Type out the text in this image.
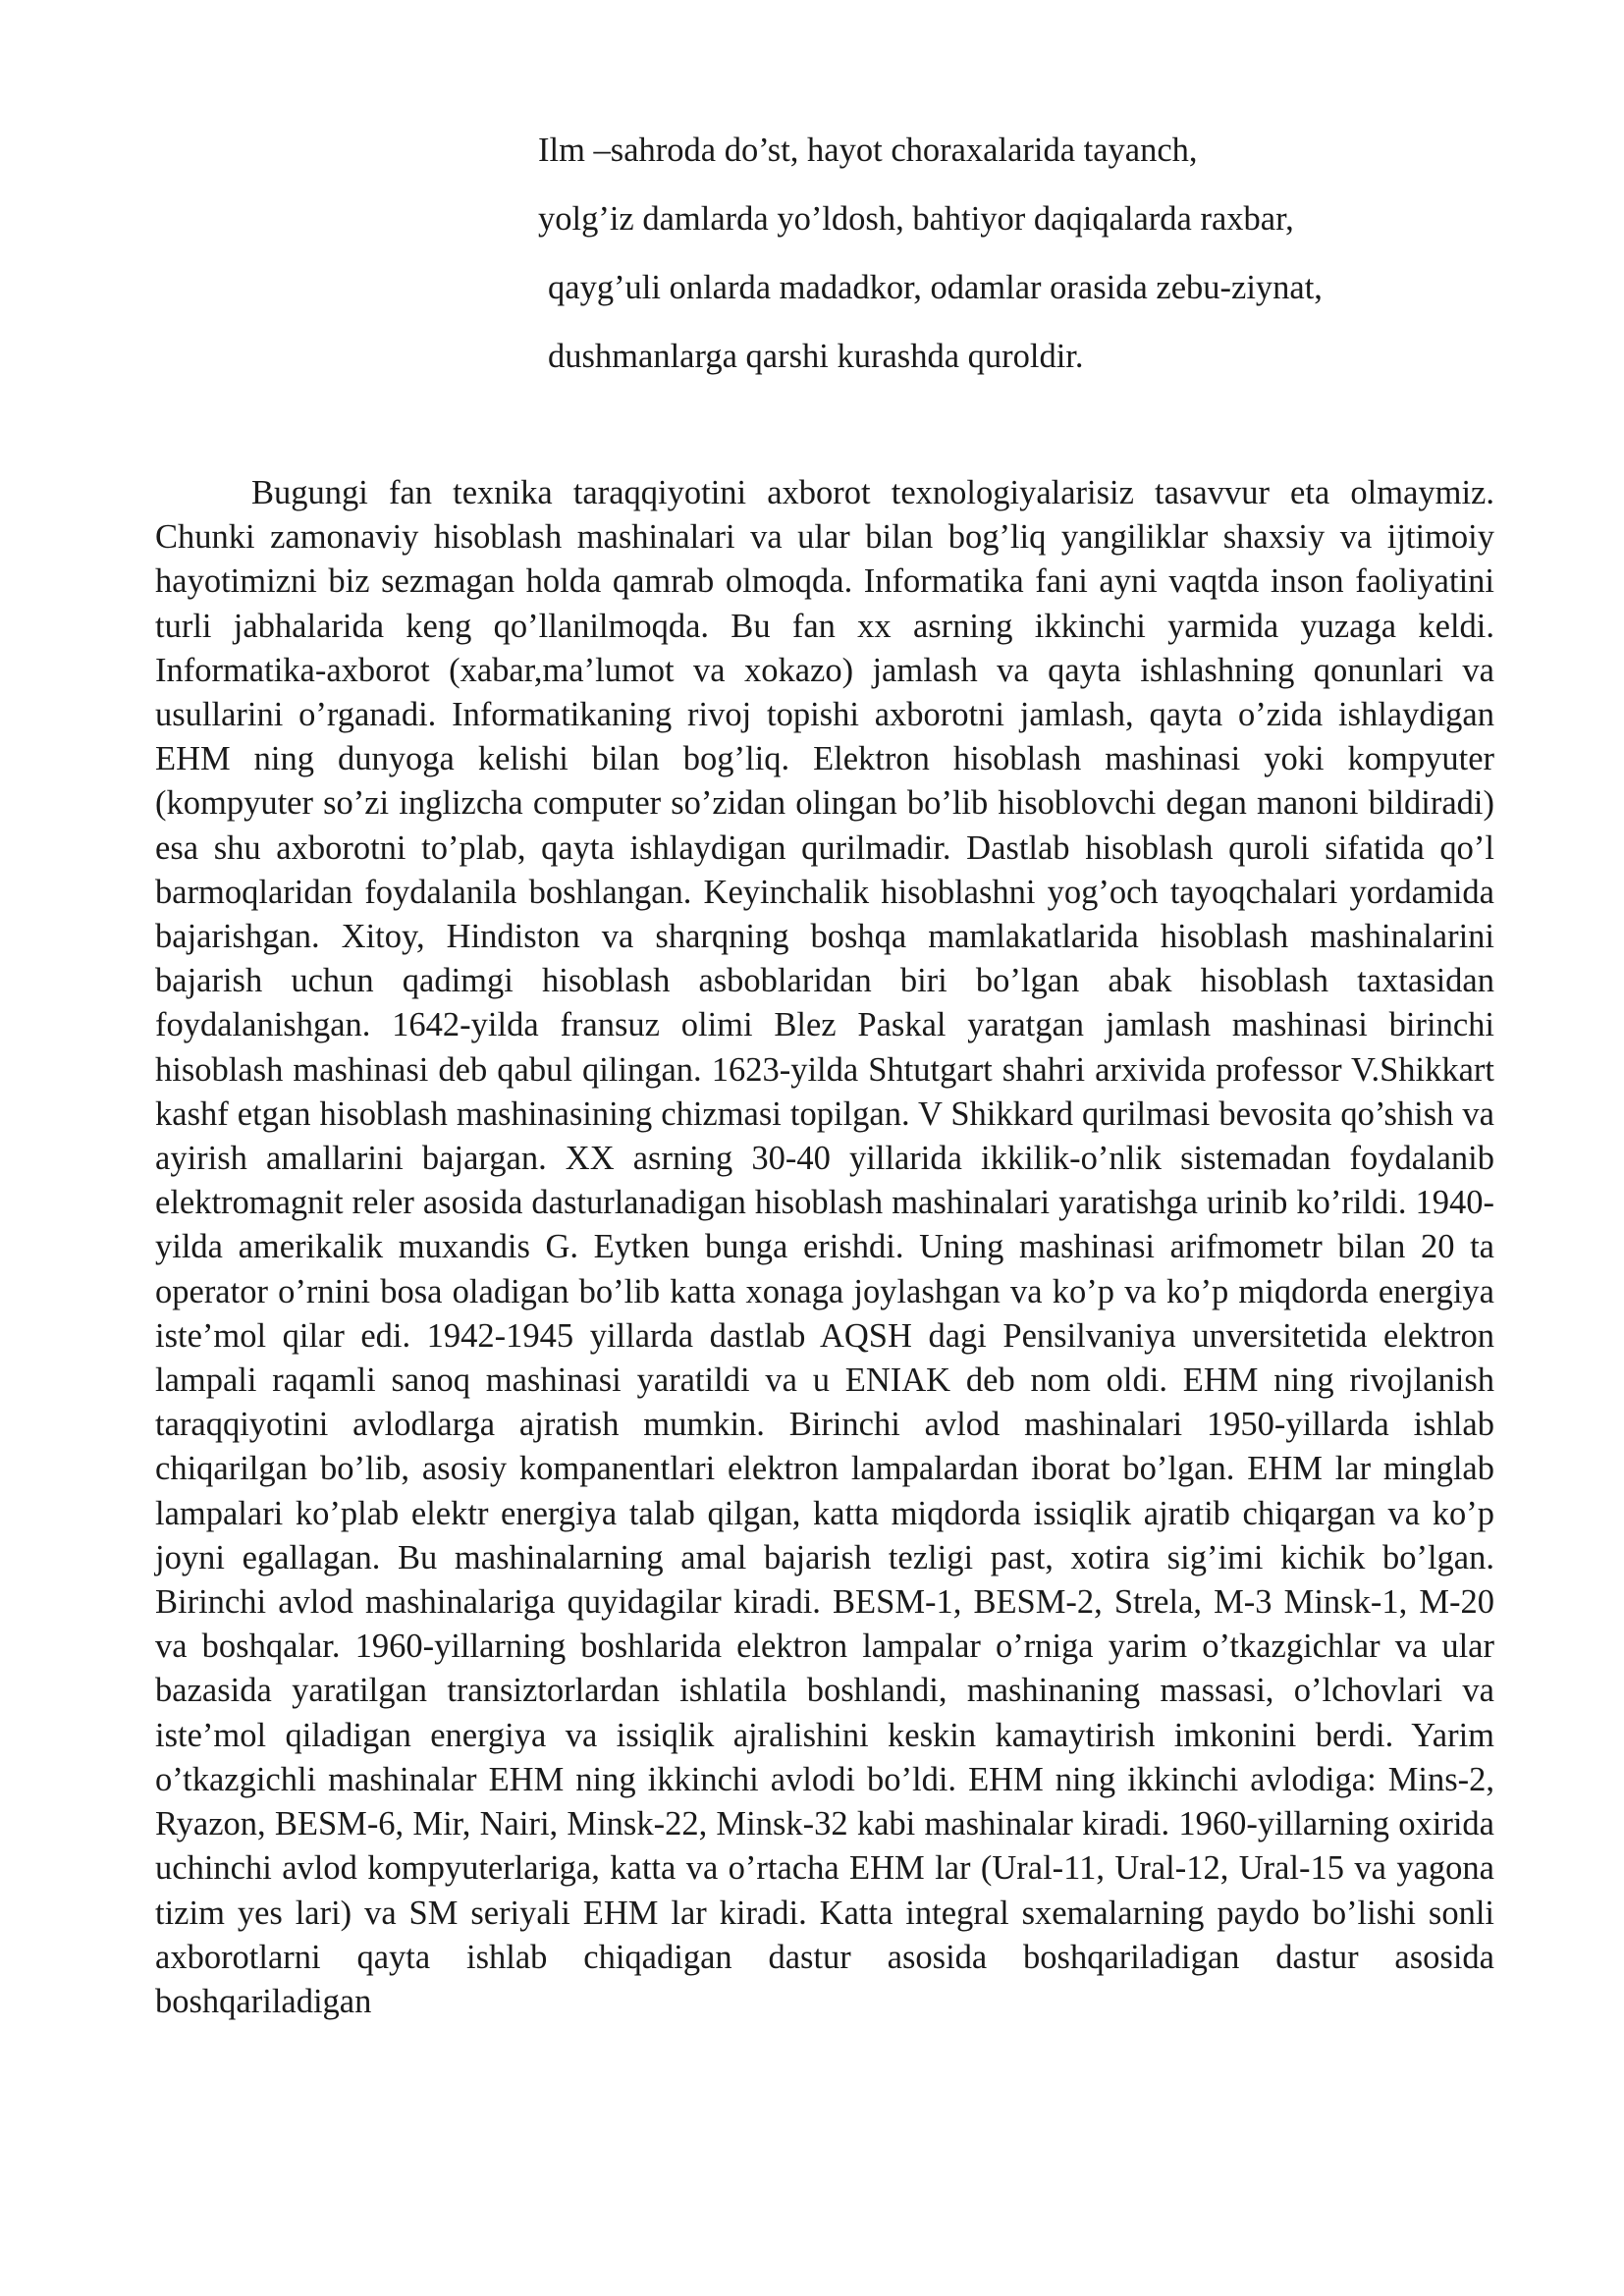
Ilm –sahroda do’st, hayot choraxalarida tayanch,
yolg’iz damlarda yo’ldosh, bahtiyor daqiqalarda raxbar,
qayg’uli onlarda madadkor, odamlar orasida zebu-ziynat,
dushmanlarga qarshi kurashda quroldir.

Bugungi fan texnika taraqqiyotini axborot texnologiyalarisiz tasavvur eta olmaymiz. Chunki zamonaviy hisoblash mashinalari va ular bilan bog’liq yangiliklar shaxsiy va ijtimoiy hayotimizni biz sezmagan holda qamrab olmoqda. Informatika fani ayni vaqtda inson faoliyatini turli jabhalarida keng qo’llanilmoqda. Bu fan xx asrning ikkinchi yarmida yuzaga keldi. Informatika-axborot (xabar,ma’lumot va xokazo) jamlash va qayta ishlashning qonunlari va usullarini o’rganadi. Informatikaning rivoj topishi axborotni jamlash, qayta o’zida ishlaydigan EHM ning dunyoga kelishi bilan bog’liq. Elektron hisoblash mashinasi yoki kompyuter (kompyuter so’zi inglizcha computer so’zidan olingan bo’lib hisoblovchi degan manoni bildiradi) esa shu axborotni to’plab, qayta ishlaydigan qurilmadir. Dastlab hisoblash quroli sifatida qo’l barmoqlaridan foydalanila boshlangan. Keyinchalik hisoblashni yog’och tayoqchalari yordamida bajarishgan. Xitoy, Hindiston va sharqning boshqa mamlakatlarida hisoblash mashinalarini bajarish uchun qadimgi hisoblash asboblaridan biri bo’lgan abak hisoblash taxtasidan foydalanishgan. 1642-yilda fransuz olimi Blez Paskal yaratgan jamlash mashinasi birinchi hisoblash mashinasi deb qabul qilingan. 1623-yilda Shtutgart shahri arxivida professor V.Shikkart kashf etgan hisoblash mashinasining chizmasi topilgan. V Shikkard qurilmasi bevosita qo’shish va ayirish amallarini bajargan. XX asrning 30-40 yillarida ikkilik-o’nlik sistemadan foydalanib elektromagnit reler asosida dasturlanadigan hisoblash mashinalari yaratishga urinib ko’rildi. 1940-yilda amerikalik muxandis G. Eytken bunga erishdi. Uning mashinasi arifmometr bilan 20 ta operator o’rnini bosa oladigan bo’lib katta xonaga joylashgan va ko’p va ko’p miqdorda energiya iste’mol qilar edi. 1942-1945 yillarda dastlab AQSH dagi Pensilvaniya unversitetida elektron lampali raqamli sanoq mashinasi yaratildi va u ENIAK deb nom oldi. EHM ning rivojlanish taraqqiyotini avlodlarga ajratish mumkin. Birinchi avlod mashinalari 1950-yillarda ishlab chiqarilgan bo’lib, asosiy kompanentlari elektron lampalardan iborat bo’lgan. EHM lar minglab lampalari ko’plab elektr energiya talab qilgan, katta miqdorda issiqlik ajratib chiqargan va ko’p joyni egallagan. Bu mashinalarning amal bajarish tezligi past, xotira sig’imi kichik bo’lgan. Birinchi avlod mashinalariga quyidagilar kiradi. BESM-1, BESM-2, Strela, M-3 Minsk-1, M-20 va boshqalar. 1960-yillarning boshlarida elektron lampalar o’rniga yarim o’tkazgichlar va ular bazasida yaratilgan transiztorlardan ishlatila boshlandi, mashinaning massasi, o’lchovlari va iste’mol qiladigan energiya va issiqlik ajralishini keskin kamaytirish imkonini berdi. Yarim o’tkazgichli mashinalar EHM ning ikkinchi avlodi bo’ldi. EHM ning ikkinchi avlodiga: Mins-2, Ryazon, BESM-6, Mir, Nairi, Minsk-22, Minsk-32 kabi mashinalar kiradi. 1960-yillarning oxirida uchinchi avlod kompyuterlariga, katta va o’rtacha EHM lar (Ural-11, Ural-12, Ural-15 va yagona tizim yes lari) va SM seriyali EHM lar kiradi. Katta integral sxemalarning paydo bo’lishi sonli axborotlarni qayta ishlab chiqadigan dastur asosida boshqariladigan dastur asosida boshqariladigan
